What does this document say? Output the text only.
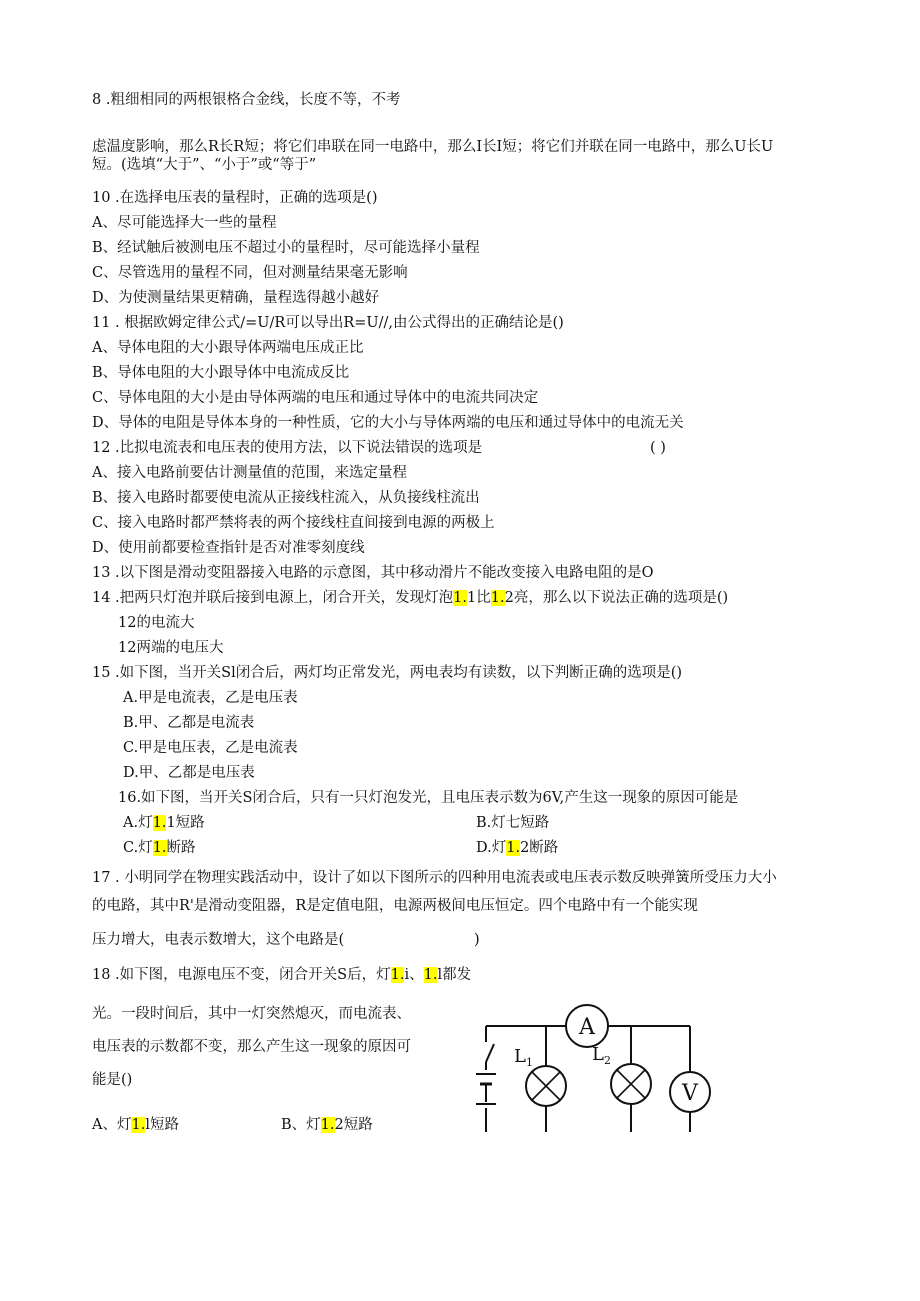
8 .粗细相同的两根银格合金线，长度不等，不考
虑温度影响，那么R长R短；将它们串联在同一电路中，那么I长I短；将它们并联在同一电路中，那么U长U
短。(选填“大于”、“小于”或“等于”
10 .在选择电压表的量程时，正确的选项是()
A、尽可能选择大一些的量程
B、经试触后被测电压不超过小的量程时，尽可能选择小量程
C、尽管选用的量程不同，但对测量结果毫无影响
D、为使测量结果更精确，量程选得越小越好
11 . 根据欧姆定律公式∕=U∕R可以导出R=U//,由公式得出的正确结论是()
A、导体电阻的大小跟导体两端电压成正比
B、导体电阻的大小跟导体中电流成反比
C、导体电阻的大小是由导体两端的电压和通过导体中的电流共同决定
D、导体的电阻是导体本身的一种性质，它的大小与导体两端的电压和通过导体中的电流无关
12 .比拟电流表和电压表的使用方法，以下说法错误的选项是	( )
A、接入电路前要估计测量值的范围，来选定量程
B、接入电路时都要使电流从正接线柱流入，从负接线柱流出
C、接入电路时都严禁将表的两个接线柱直间接到电源的两极上
D、使用前都要检查指针是否对准零刻度线
13 .以下图是滑动变阻器接入电路的示意图，其中移动滑片不能改变接入电路电阻的是O
14 .把两只灯泡并联后接到电源上，闭合开关，发现灯泡1.1比1.2亮，那么以下说法正确的选项是()
12的电流大
12两端的电压大
15 .如下图，当开关Sl闭合后，两灯均正常发光，两电表均有读数，以下判断正确的选项是()
A.甲是电流表，乙是电压表
B.甲、乙都是电流表
C.甲是电压表，乙是电流表
D.甲、乙都是电压表
16.如下图，当开关S闭合后，只有一只灯泡发光，且电压表示数为6V,产生这一现象的原因可能是
A.灯1.1短路	B.灯七短路
C.灯1.断路	D.灯1.2断路
17 . 小明同学在物理实践活动中，设计了如以下图所示的四种用电流表或电压表示数反映弹簧所受压力大小
的电路，其中R'是滑动变阻器，R是定值电阻，电源两极间电压恒定。四个电路中有一个能实现
压力增大，电表示数增大，这个电路是(	)
18 .如下图，电源电压不变，闭合开关S后，灯1.i、1.l都发
光。一段时间后，其中一灯突然熄灭，而电流表、
电压表的示数都不变，那么产生这一现象的原因可
能是()
A、灯1.l短路	B、灯1.2短路
A
V
L 1	L 2
